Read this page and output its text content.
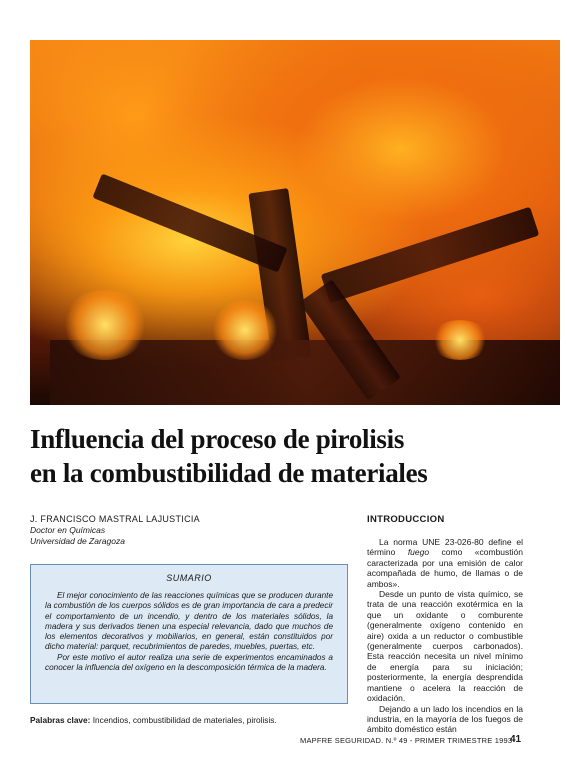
Influencia del proceso de pirolisis
en la combustibilidad de materiales
J. FRANCISCO MASTRAL LAJUSTICIA
Doctor en Químicas
Universidad de Zaragoza
SUMARIO

El mejor conocimiento de las reacciones químicas que se producen durante la combustión de los cuerpos sólidos es de gran importancia de cara a predecir el comportamiento de un incendio, y dentro de los materiales sólidos, la madera y sus derivados tienen una especial relevancia, dado que muchos de los elementos decorativos y mobiliarios, en general, están constituidos por dicho material: parquet, recubrimientos de paredes, muebles, puertas, etc.

Por este motivo el autor realiza una serie de experimentos encaminados a conocer la influencia del oxígeno en la descomposición térmica de la madera.

Palabras clave: Incendios, combustibilidad de materiales, pirolisis.
INTRODUCCION

La norma UNE 23-026-80 define el término fuego como «combustión caracterizada por una emisión de calor acompañada de humo, de llamas o de ambos».

Desde un punto de vista químico, se trata de una reacción exotérmica en la que un oxidante o comburente (generalmente oxígeno contenido en aire) oxida a un reductor o combustible (generalmente cuerpos carbonados). Esta reacción necesita un nivel mínimo de energía para su iniciación; posteriormente, la energía desprendida mantiene o acelera la reacción de oxidación.

Dejando a un lado los incendios en la industria, en la mayoría de los fuegos de ámbito doméstico están

MAPFRE SEGURIDAD. N.º 49 - PRIMER TRIMESTRE 1993
41
